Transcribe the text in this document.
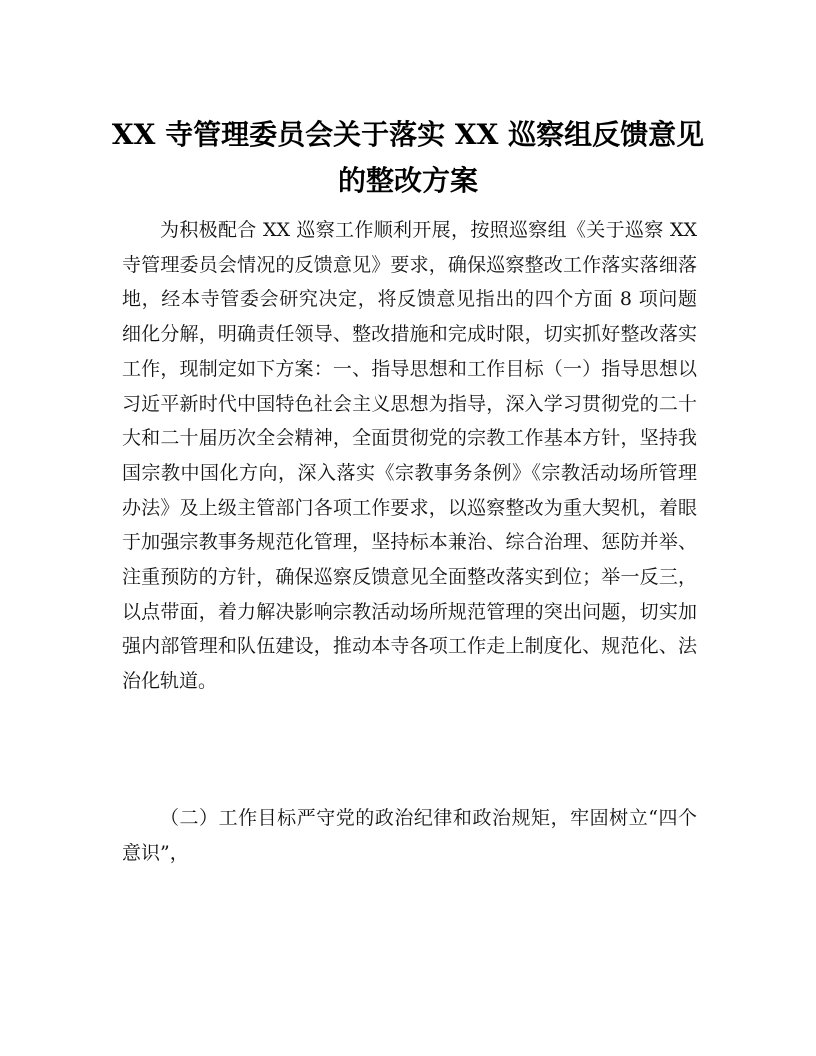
XX 寺管理委员会关于落实 XX 巡察组反馈意见的整改方案

为积极配合 XX 巡察工作顺利开展，按照巡察组《关于巡察 XX 寺管理委员会情况的反馈意见》要求，确保巡察整改工作落实落细落地，经本寺管委会研究决定，将反馈意见指出的四个方面 8 项问题细化分解，明确责任领导、整改措施和完成时限，切实抓好整改落实工作，现制定如下方案：一、指导思想和工作目标（一）指导思想以习近平新时代中国特色社会主义思想为指导，深入学习贯彻党的二十大和二十届历次全会精神，全面贯彻党的宗教工作基本方针，坚持我国宗教中国化方向，深入落实《宗教事务条例》《宗教活动场所管理办法》及上级主管部门各项工作要求，以巡察整改为重大契机，着眼于加强宗教事务规范化管理，坚持标本兼治、综合治理、惩防并举、注重预防的方针，确保巡察反馈意见全面整改落实到位；举一反三，以点带面，着力解决影响宗教活动场所规范管理的突出问题，切实加强内部管理和队伍建设，推动本寺各项工作走上制度化、规范化、法治化轨道。

（二）工作目标严守党的政治纪律和政治规矩，牢固树立“四个意识”，
